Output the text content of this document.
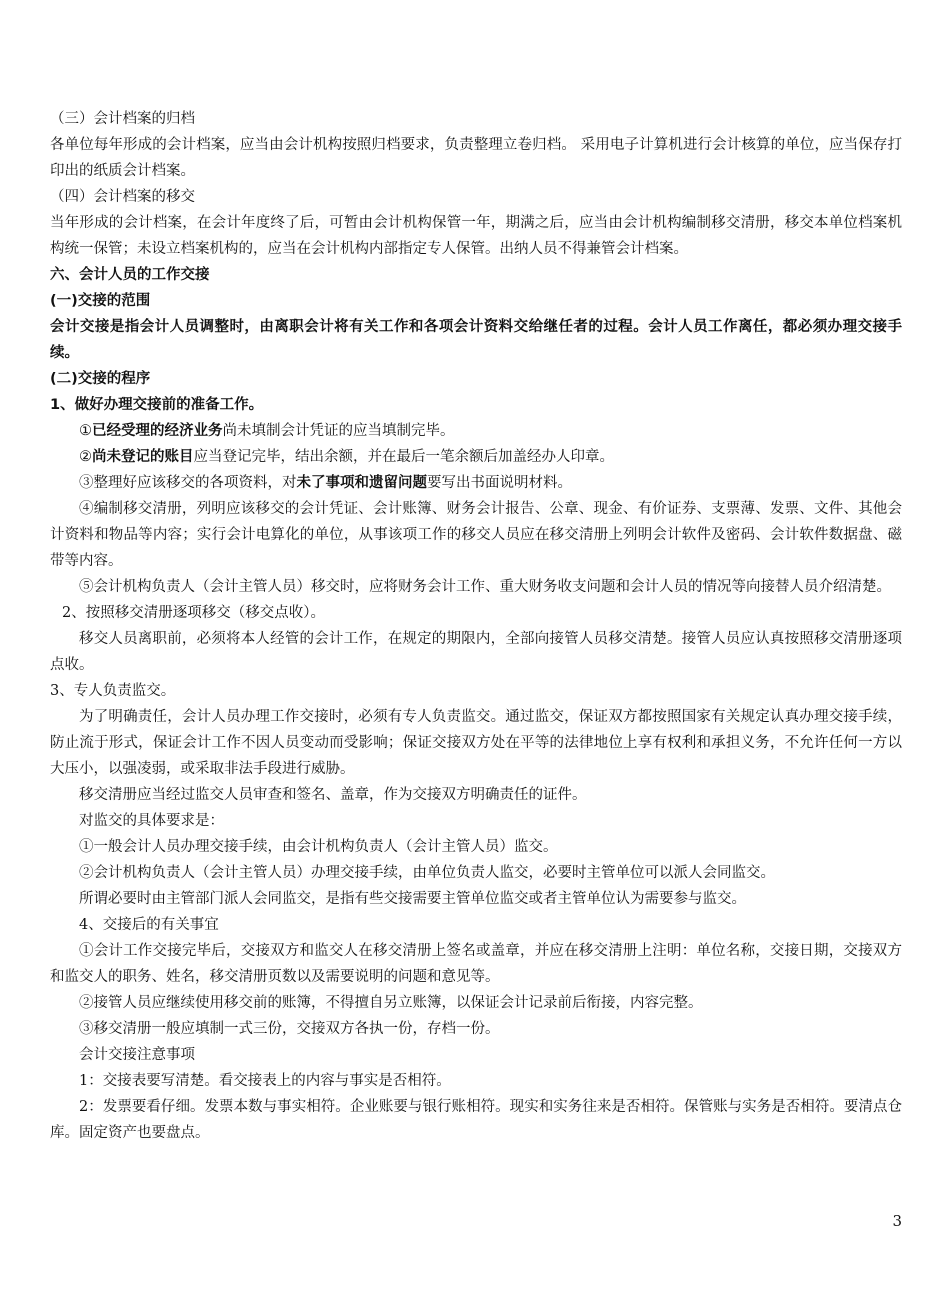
（三）会计档案的归档

各单位每年形成的会计档案，应当由会计机构按照归档要求，负责整理立卷归档。 采用电子计算机进行会计核算的单位，应当保存打印出的纸质会计档案。

（四）会计档案的移交

当年形成的会计档案，在会计年度终了后，可暂由会计机构保管一年，期满之后，应当由会计机构编制移交清册，移交本单位档案机构统一保管；未设立档案机构的，应当在会计机构内部指定专人保管。出纳人员不得兼管会计档案。

六、会计人员的工作交接

(一)交接的范围

会计交接是指会计人员调整时，由离职会计将有关工作和各项会计资料交给继任者的过程。会计人员工作离任，都必须办理交接手续。

(二)交接的程序

1、做好办理交接前的准备工作。

①已经受理的经济业务尚未填制会计凭证的应当填制完毕。

②尚未登记的账目应当登记完毕，结出余额，并在最后一笔余额后加盖经办人印章。

③整理好应该移交的各项资料，对未了事项和遗留问题要写出书面说明材料。

④编制移交清册，列明应该移交的会计凭证、会计账簿、财务会计报告、公章、现金、有价证券、支票薄、发票、文件、其他会计资料和物品等内容；实行会计电算化的单位，从事该项工作的移交人员应在移交清册上列明会计软件及密码、会计软件数据盘、磁带等内容。

⑤会计机构负责人（会计主管人员）移交时，应将财务会计工作、重大财务收支问题和会计人员的情况等向接替人员介绍清楚。

2、按照移交清册逐项移交（移交点收）。

移交人员离职前，必须将本人经管的会计工作，在规定的期限内，全部向接管人员移交清楚。接管人员应认真按照移交清册逐项点收。

3、专人负责监交。

为了明确责任，会计人员办理工作交接时，必须有专人负责监交。通过监交，保证双方都按照国家有关规定认真办理交接手续，防止流于形式，保证会计工作不因人员变动而受影响；保证交接双方处在平等的法律地位上享有权利和承担义务，不允许任何一方以大压小，以强凌弱，或采取非法手段进行威胁。

移交清册应当经过监交人员审查和签名、盖章，作为交接双方明确责任的证件。

对监交的具体要求是：

①一般会计人员办理交接手续，由会计机构负责人（会计主管人员）监交。

②会计机构负责人（会计主管人员）办理交接手续，由单位负责人监交，必要时主管单位可以派人会同监交。

所谓必要时由主管部门派人会同监交，是指有些交接需要主管单位监交或者主管单位认为需要参与监交。

4、交接后的有关事宜

①会计工作交接完毕后，交接双方和监交人在移交清册上签名或盖章，并应在移交清册上注明：单位名称，交接日期，交接双方和监交人的职务、姓名，移交清册页数以及需要说明的问题和意见等。

②接管人员应继续使用移交前的账簿，不得擅自另立账簿，以保证会计记录前后衔接，内容完整。

③移交清册一般应填制一式三份，交接双方各执一份，存档一份。

会计交接注意事项

1：交接表要写清楚。看交接表上的内容与事实是否相符。

2：发票要看仔细。发票本数与事实相符。企业账要与银行账相符。现实和实务往来是否相符。保管账与实务是否相符。要清点仓库。固定资产也要盘点。

3
